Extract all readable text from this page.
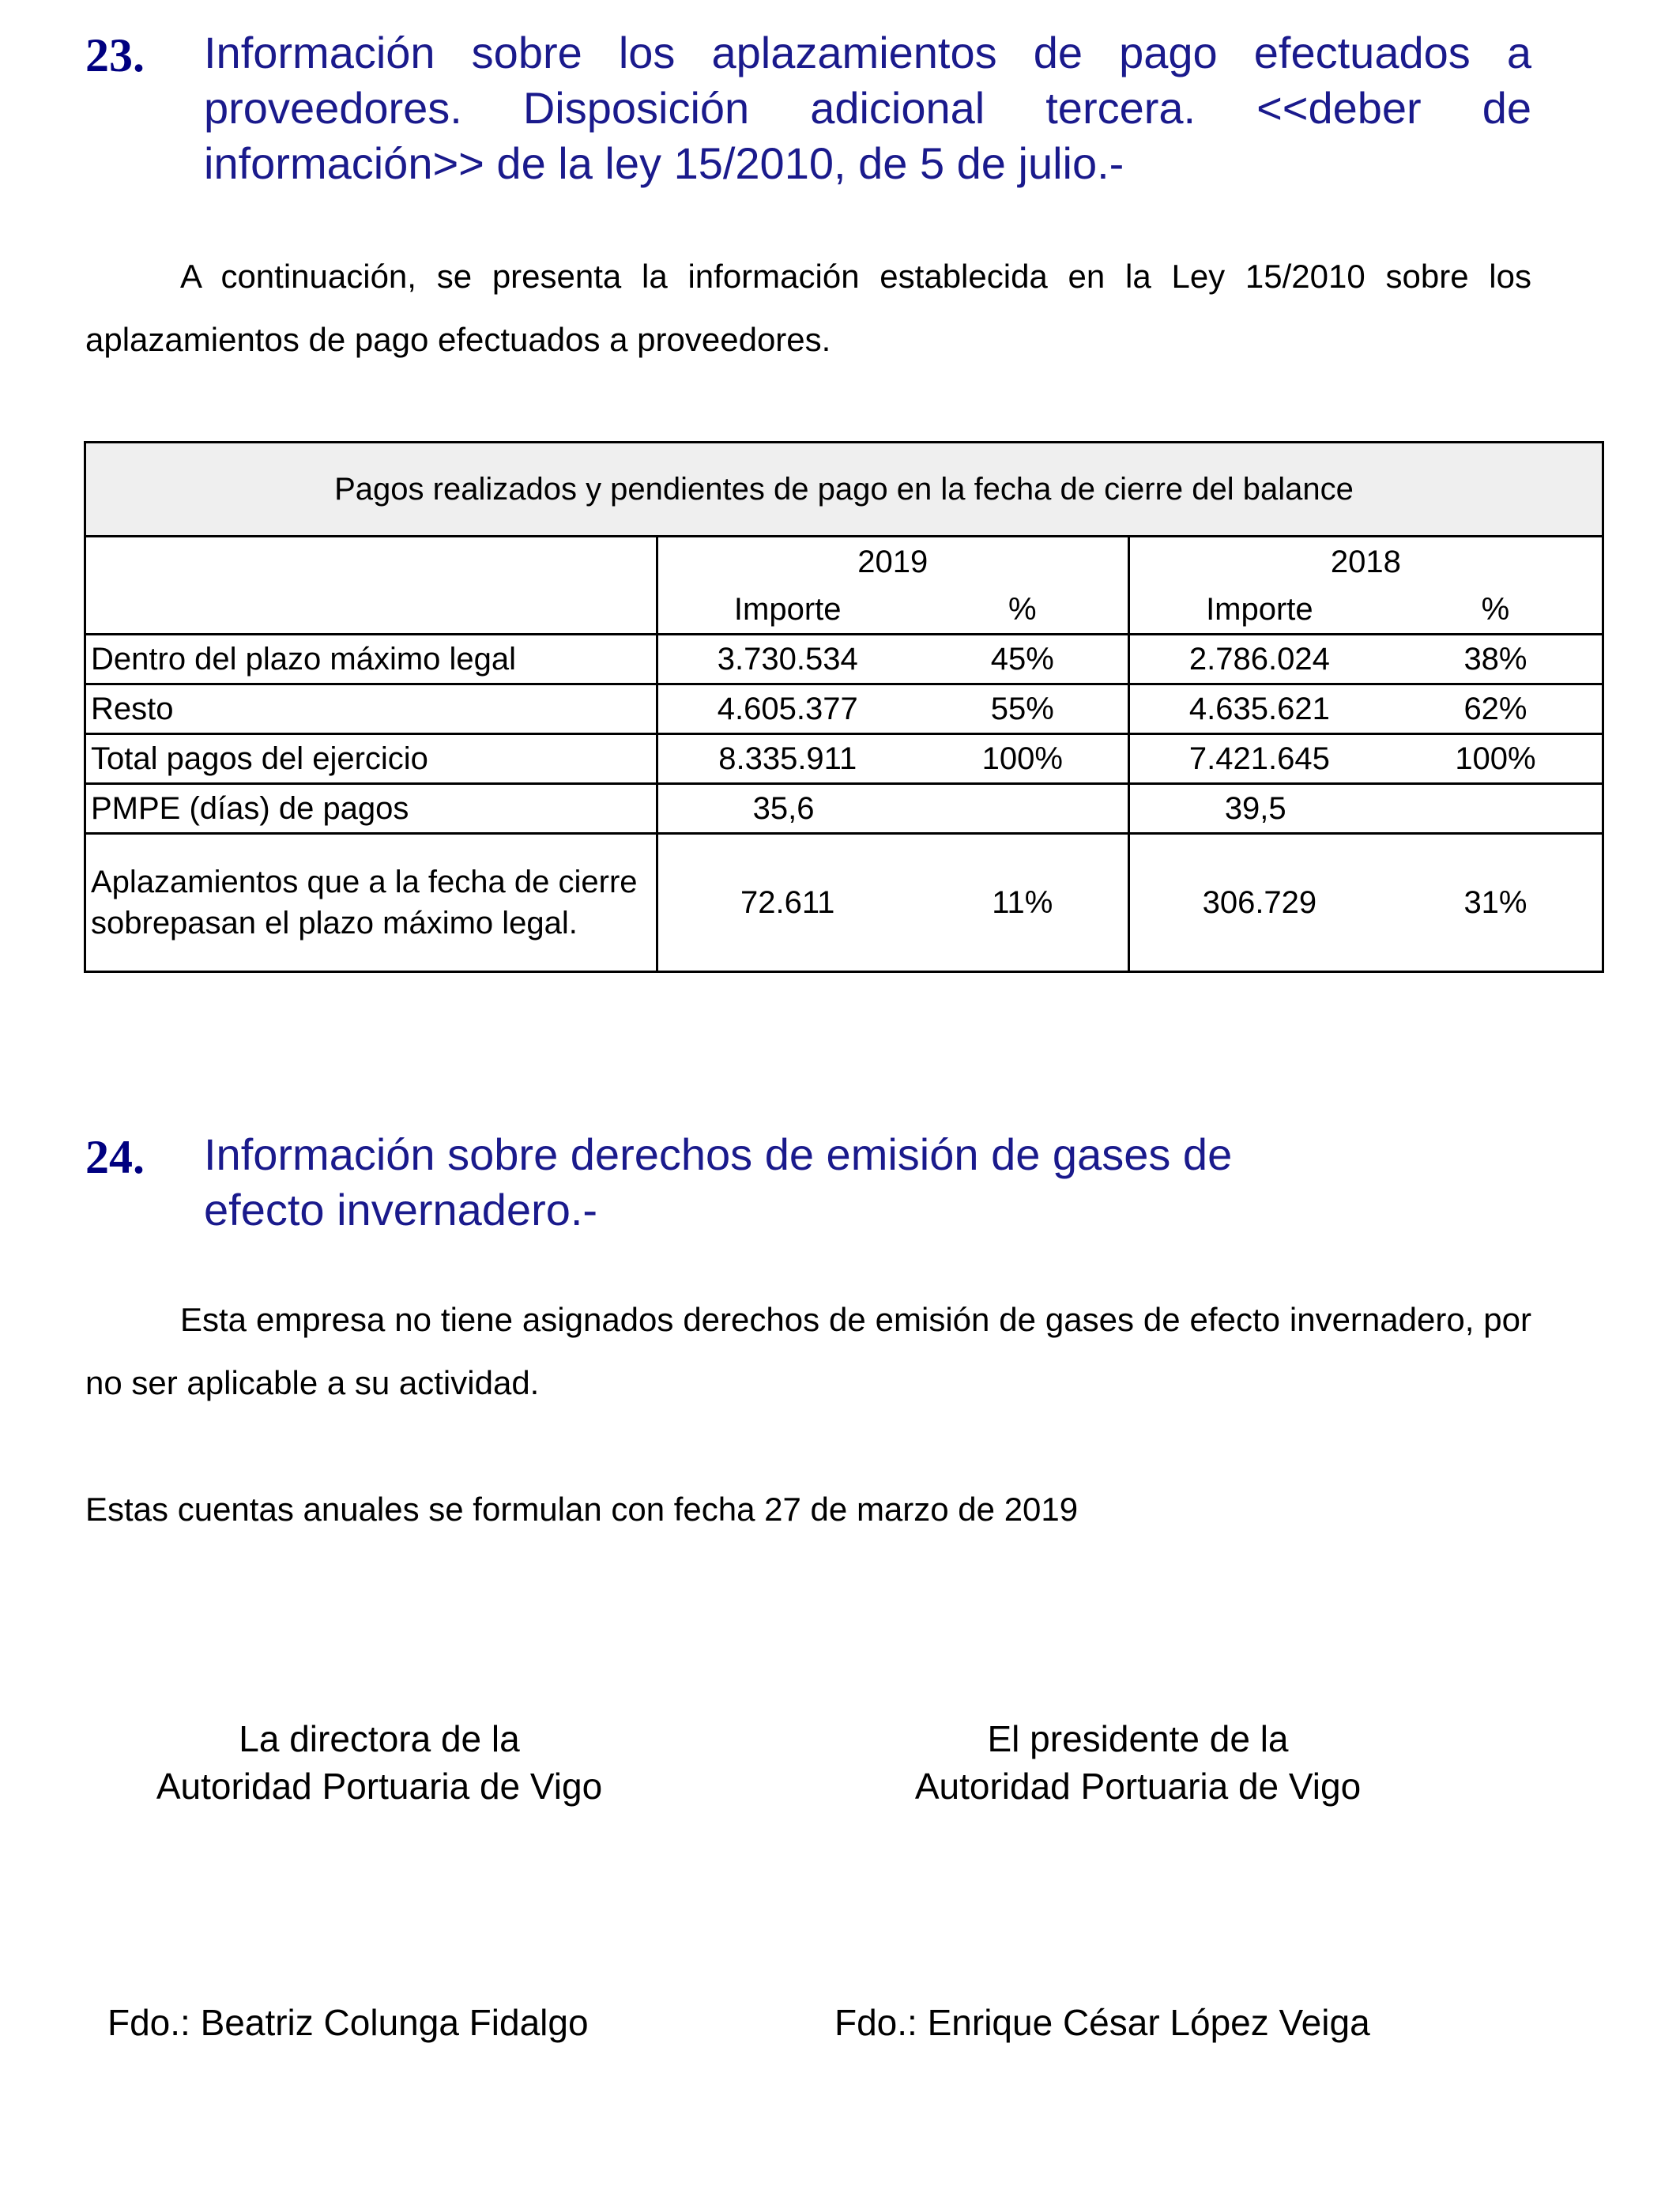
23. Información sobre los aplazamientos de pago efectuados a proveedores. Disposición adicional tercera. <<deber de información>> de la ley 15/2010, de 5 de julio.-
A continuación, se presenta la información establecida en la Ley 15/2010 sobre los aplazamientos de pago efectuados a proveedores.
Pagos realizados y pendientes de pago en la fecha de cierre del balance				
	2019		2018	
	Importe	%	Importe	%
Dentro del plazo máximo legal	3.730.534	45%	2.786.024	38%
Resto	4.605.377	55%	4.635.621	62%
Total pagos del ejercicio	8.335.911	100%	7.421.645	100%
PMPE (días) de pagos	35,6		39,5	
Aplazamientos que a la fecha de cierre sobrepasan el plazo máximo legal.	72.611	11%	306.729	31%
24. Información sobre derechos de emisión de gases de efecto invernadero.-
Esta empresa no tiene asignados derechos de emisión de gases de efecto invernadero, por no ser aplicable a su actividad.
Estas cuentas anuales se formulan con fecha 27 de marzo de 2019
La directora de la
Autoridad Portuaria de Vigo
El presidente de la
Autoridad Portuaria de Vigo
Fdo.: Beatriz Colunga Fidalgo	Fdo.: Enrique César López Veiga
